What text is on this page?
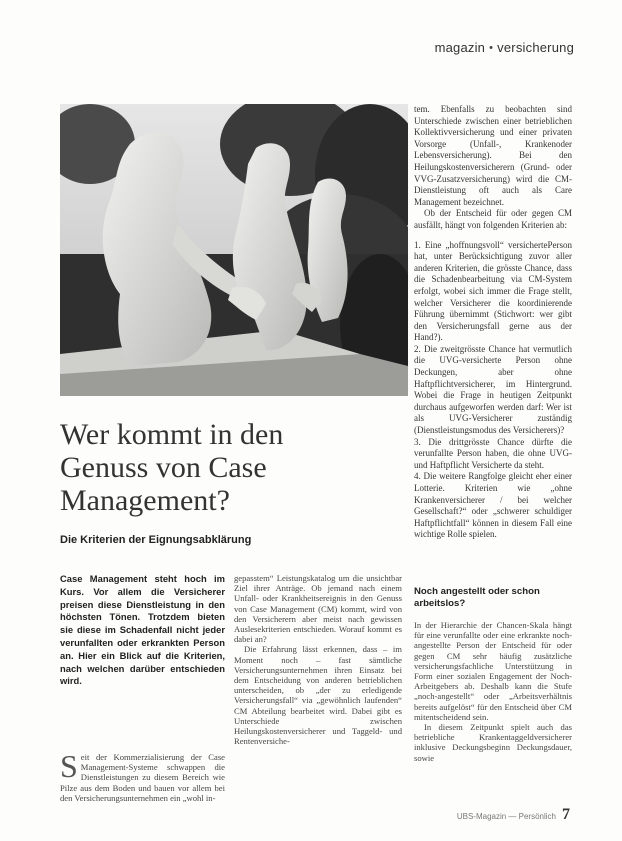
magazin • versicherung

tem. Ebenfalls zu beobachten sind Unterschiede zwischen einer betrieblichen Kollektivversicherung und einer privaten Vorsorge (Unfall-, Krankenoder Lebensversicherung). Bei den Heilungskostenversicherern (Grund- oder VVG-Zusatzversicherung) wird die CM-Dienstleistung oft auch als Care Management bezeichnet.

Ob der Entscheid für oder gegen CM ausfällt, hängt von folgenden Kriterien ab:

1. Eine „hoffnungsvoll“ versichertePerson hat, unter Berücksichtigung zuvor aller anderen Kriterien, die grösste Chance, dass die Schadenbearbeitung via CM-System erfolgt, wobei sich immer die Frage stellt, welcher Versicherer die koordinierende Führung übernimmt (Stichwort: wer gibt den Versicherungsfall gerne aus der Hand?).

2. Die zweitgrösste Chance hat vermutlich die UVG-versicherte Person ohne Deckungen, aber ohne Haftpflichtversicherer, im Hintergrund. Wobei die Frage in heutigen Zeitpunkt durchaus aufgeworfen werden darf: Wer ist als UVG-Versicherer zuständig (Dienstleistungsmodus des Versicherers)?

3. Die drittgrösste Chance dürfte die verunfallte Person haben, die ohne UVG- und Haftpflicht Versicherte da steht.

4. Die weitere Rangfolge gleicht eher einer Lotterie. Kriterien wie „ohne Krankenversicherer / bei welcher Gesellschaft?“ oder „schwerer schuldiger Haftpflichtfall“ können in diesem Fall eine wichtige Rolle spielen.

Wer kommt in den Genuss von Case Management?
Die Kriterien der Eignungsabklärung

Case Management steht hoch im Kurs. Vor allem die Versicherer preisen diese Dienstleistung in den höchsten Tönen. Trotzdem bieten sie diese im Schadenfall nicht jeder verunfallten oder erkrankten Person an. Hier ein Blick auf die Kriterien, nach welchen darüber entschieden wird.

Seit der Kommerzialisierung der Case Management-Systeme schwappen die Dienstleistungen zu diesem Bereich wie Pilze aus dem Boden und bauen vor allem bei den Versicherungsunternehmen ein „wohl in-

gepasstem“ Leistungskatalog um die unsichtbar Ziel ihrer Anträge. Ob jemand nach einem Unfall- oder Krankheitsereignis in den Genuss von Case Management (CM) kommt, wird von den Versicherern aber meist nach gewissen Auslesekriterien entschieden. Worauf kommt es dabei an?

Die Erfahrung lässt erkennen, dass – im Moment noch – fast sämtliche Versicherungsunternehmen ihren Einsatz bei dem Entscheidung von anderen betrieblichen unterscheiden, ob „der zu erledigende Versicherungsfall“ via „gewöhnlich laufenden“ CM Abteilung bearbeitet wird. Dabei gibt es Unterschiede zwischen Heilungskostenversicherer und Taggeld- und Rentenversiche-

Noch angestellt oder schon arbeitslos?

In der Hierarchie der Chancen-Skala hängt für eine verunfallte oder eine erkrankte noch-angestellte Person der Entscheid für oder gegen CM sehr häufig zusätzliche versicherungsfachliche Unterstützung in Form einer sozialen Engagement der Noch-Arbeitgebers ab. Deshalb kann die Stufe „noch-angestellt“ oder „Arbeitsverhältnis bereits aufgelöst“ für den Entscheid über CM mitentscheidend sein.

In diesem Zeitpunkt spielt auch das betriebliche Krankentaggeldversicherer inklusive Deckungsbeginn Deckungsdauer, sowie

UBS-Magazin — Persönlich 7
